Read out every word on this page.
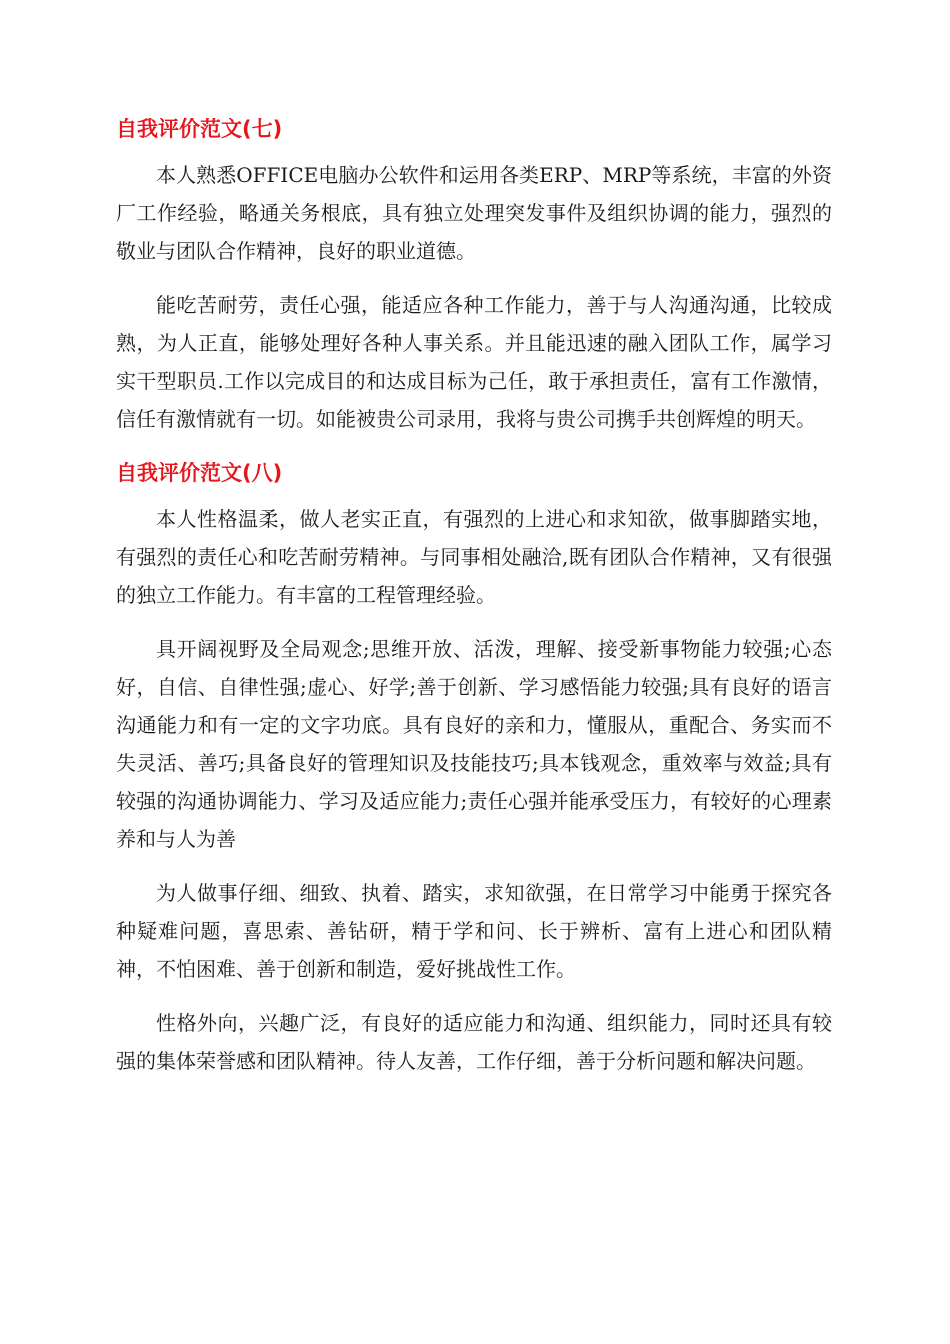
自我评价范文(七)

本人熟悉OFFICE电脑办公软件和运用各类ERP、MRP等系统，丰富的外资厂工作经验，略通关务根底，具有独立处理突发事件及组织协调的能力，强烈的敬业与团队合作精神，良好的职业道德。

能吃苦耐劳，责任心强，能适应各种工作能力，善于与人沟通沟通，比较成熟，为人正直，能够处理好各种人事关系。并且能迅速的融入团队工作，属学习实干型职员.工作以完成目的和达成目标为己任，敢于承担责任，富有工作激情，信任有激情就有一切。如能被贵公司录用，我将与贵公司携手共创辉煌的明天。

自我评价范文(八)

本人性格温柔，做人老实正直，有强烈的上进心和求知欲，做事脚踏实地，有强烈的责任心和吃苦耐劳精神。与同事相处融洽,既有团队合作精神，又有很强的独立工作能力。有丰富的工程管理经验。

具开阔视野及全局观念;思维开放、活泼，理解、接受新事物能力较强;心态好，自信、自律性强;虚心、好学;善于创新、学习感悟能力较强;具有良好的语言沟通能力和有一定的文字功底。具有良好的亲和力，懂服从，重配合、务实而不失灵活、善巧;具备良好的管理知识及技能技巧;具本钱观念，重效率与效益;具有较强的沟通协调能力、学习及适应能力;责任心强并能承受压力，有较好的心理素养和与人为善

为人做事仔细、细致、执着、踏实，求知欲强，在日常学习中能勇于探究各种疑难问题，喜思索、善钻研，精于学和问、长于辨析、富有上进心和团队精神，不怕困难、善于创新和制造，爱好挑战性工作。

性格外向，兴趣广泛，有良好的适应能力和沟通、组织能力，同时还具有较强的集体荣誉感和团队精神。待人友善，工作仔细，善于分析问题和解决问题。
